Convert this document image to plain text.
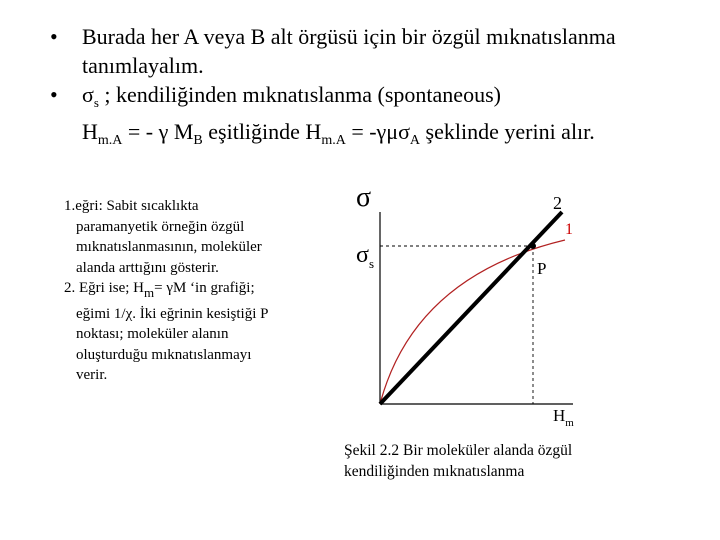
• Burada her A veya B alt örgüsü için bir özgül mıknatıslanma
tanımlayalım.
• $\sigma_s$ ; kendiliğinden mıknatıslanma (spontaneous)
$H_{m.A}$ = - γ $M_B$ eşitliğinde $H_{m.A} = -\gamma\mu\sigma_A$ şeklinde yerini alır.

1.eğri: Sabit sıcaklıkta paramanyetik örneğin özgül mıknatıslanmasının, moleküler alanda arttığını gösterir.

2. Eğri ise; Hm= γM ‘in grafiği; eğimi 1/χ. İki eğrinin kesiştiği P noktası; moleküler alanın oluşturduğu mıknatıslanmayı verir.

σ
$\sigma_s$
2
1
P
$H_m$
Şekil 2.2 Bir moleküler alanda özgül
kendiliğinden mıknatıslanma
